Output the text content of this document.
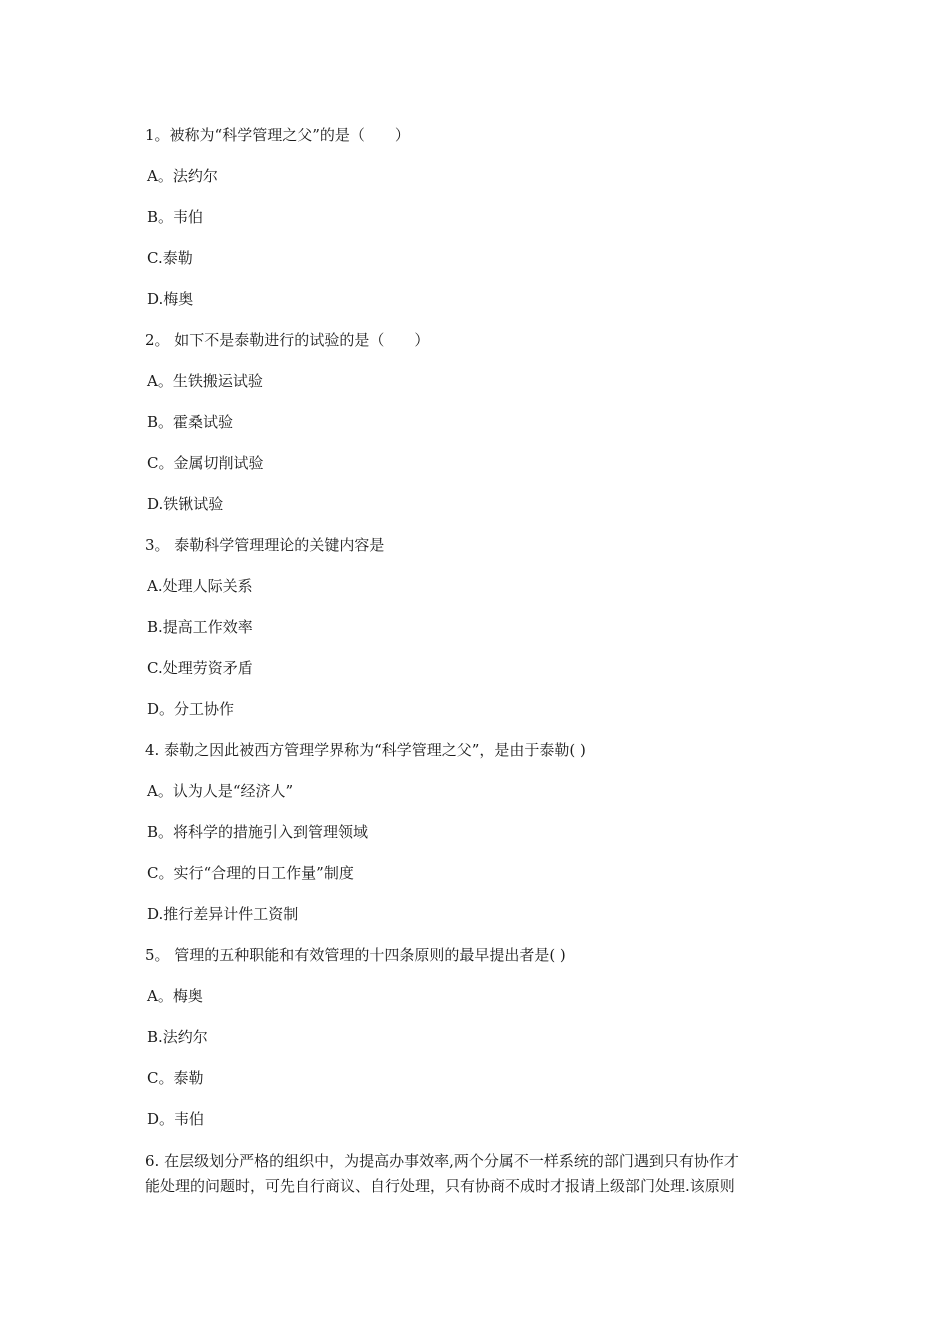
1。被称为“科学管理之父”的是（　　）
A。法约尔
B。韦伯
C.泰勒
D.梅奥
2。 如下不是泰勒进行的试验的是（　　）
A。生铁搬运试验
B。霍桑试验
C。金属切削试验
D.铁锹试验
3。 泰勒科学管理理论的关键内容是
A.处理人际关系
B.提高工作效率
C.处理劳资矛盾
D。分工协作
4. 泰勒之因此被西方管理学界称为“科学管理之父”，是由于泰勒( )
A。认为人是“经济人”
B。将科学的措施引入到管理领域
C。实行“合理的日工作量”制度
D.推行差异计件工资制
5。 管理的五种职能和有效管理的十四条原则的最早提出者是( )
A。梅奥
B.法约尔
C。泰勒
D。韦伯
6. 在层级划分严格的组织中，为提高办事效率,两个分属不一样系统的部门遇到只有协作才
能处理的问题时，可先自行商议、自行处理，只有协商不成时才报请上级部门处理.该原则
